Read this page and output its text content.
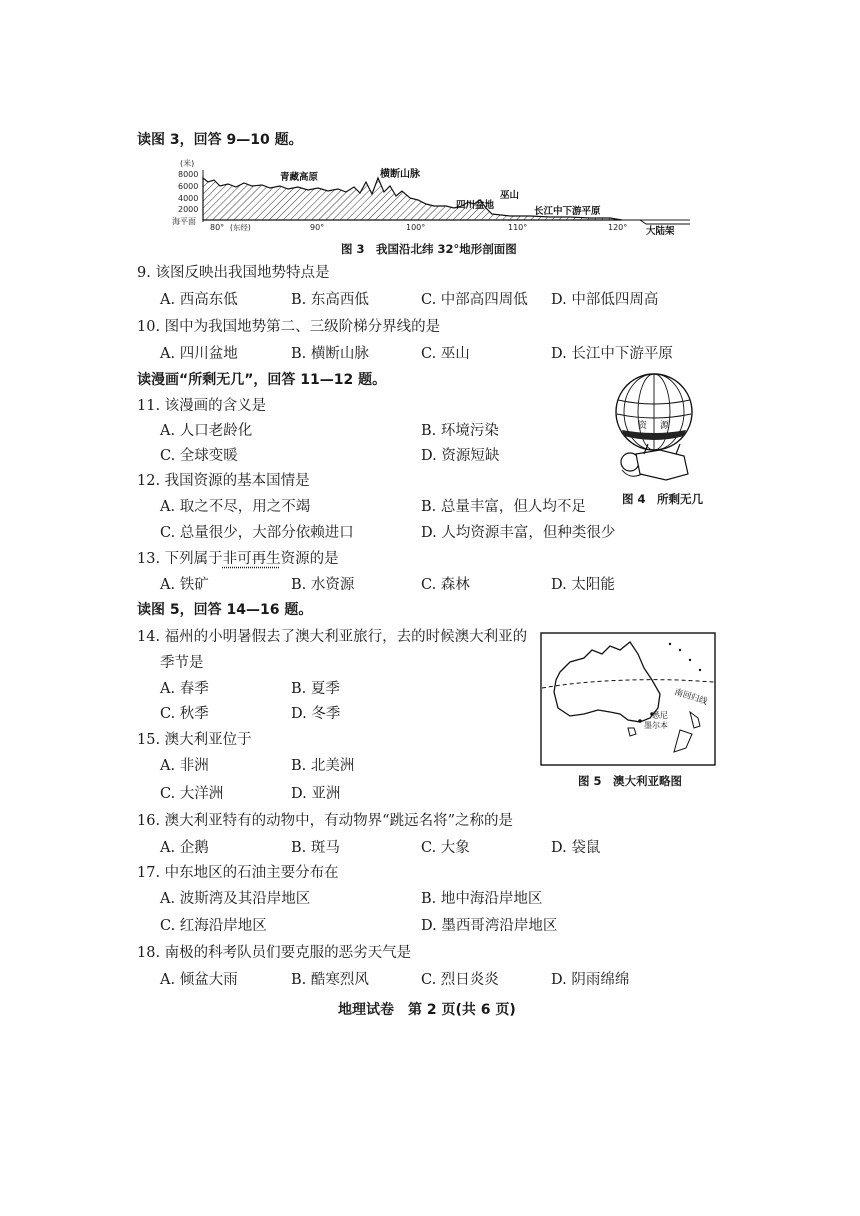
读图 3，回答 9—10 题。
(米)
8000
6000
4000
2000
海平面
青藏高原	横断山脉
巫山
四川盆地
长江中下游平原
大陆架
80° (东经)	90°	100°	110°	120°
图 3　我国沿北纬 32°地形剖面图
9. 该图反映出我国地势特点是
A. 西高东低	B. 东高西低	C. 中部高四周低 D. 中部低四周高
10. 图中为我国地势第二、三级阶梯分界线的是
A. 四川盆地	B. 横断山脉	C. 巫山	D. 长江中下游平原
读漫画“所剩无几”，回答 11—12 题。
11. 该漫画的含义是
A. 人口老龄化	B. 环境污染
C. 全球变暖	D. 资源短缺
资 源
图 4　所剩无几
12. 我国资源的基本国情是
A. 取之不尽，用之不竭	B. 总量丰富，但人均不足
C. 总量很少，大部分依赖进口	D. 人均资源丰富，但种类很少
13. 下列属于非可再生资源的是
A. 铁矿	B. 水资源	C. 森林	D. 太阳能
读图 5，回答 14—16 题。
14. 福州的小明暑假去了澳大利亚旅行，去的时候澳大利亚的
季节是
A. 春季	B. 夏季
C. 秋季	D. 冬季
南回归线
悉尼
墨尔本
图 5　澳大利亚略图
15. 澳大利亚位于
A. 非洲	B. 北美洲
C. 大洋洲	D. 亚洲
16. 澳大利亚特有的动物中，有动物界“跳远名将”之称的是
A. 企鹅	B. 斑马	C. 大象	D. 袋鼠
17. 中东地区的石油主要分布在
A. 波斯湾及其沿岸地区	B. 地中海沿岸地区
C. 红海沿岸地区	D. 墨西哥湾沿岸地区
18. 南极的科考队员们要克服的恶劣天气是
A. 倾盆大雨	B. 酷寒烈风	C. 烈日炎炎	D. 阴雨绵绵
地理试卷　第 2 页(共 6 页)
